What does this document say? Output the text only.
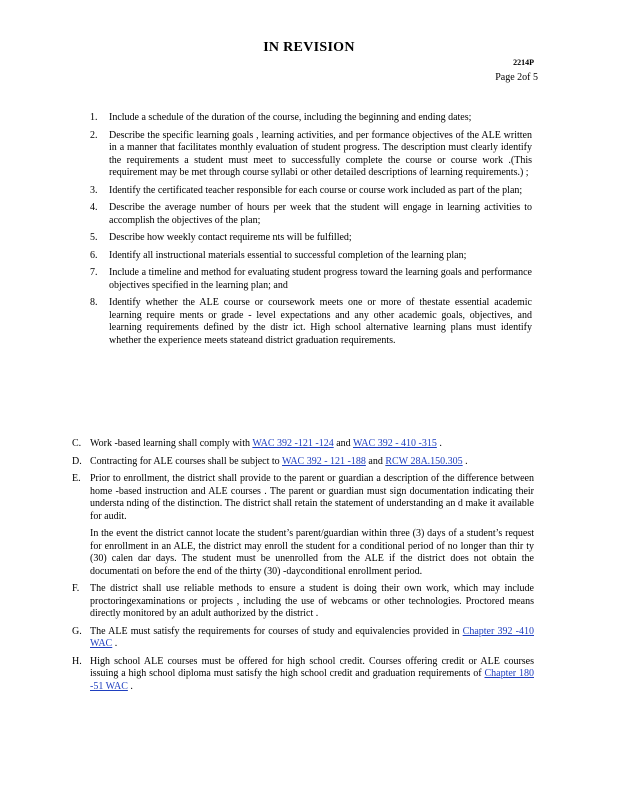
IN REVISION
2214P
Page 2of 5
1. Include a schedule of the duration of the course, including the beginning and ending dates;
2. Describe the specific learning goals , learning activities, and per formance objectives of the ALE written in a manner that facilitates monthly evaluation of student progress. The description must clearly identify the requirements a student must meet to successfully complete the course or course work .(This requirement may be met through course syllabi or other detailed descriptions of learning requirements.) ;
3. Identify the certificated teacher responsible for each course or course work included as part of the plan;
4. Describe the average number of hours per week that the student will engage in learning activities to accomplish the objectives of the plan;
5. Describe how weekly contact requireme nts will be fulfilled;
6. Identify all instructional materials essential to successful completion of the learning plan;
7. Include a timeline and method for evaluating student progress toward the learning goals and performance objectives specified in the learning plan; and
8. Identify whether the ALE course or coursework meets one or more of thestate essential academic learning require ments or grade - level expectations and any other academic goals, objectives, and learning requirements defined by the distr ict. High school alternative learning plans must identify whether the experience meets stateand district graduation requirements.
C. Work -based learning shall comply with WAC 392 -121 -124 and WAC 392 - 410 -315 .

D. Contracting for ALE courses shall be subject to WAC 392 - 121 -188 and RCW 28A.150.305 .

E. Prior to enrollment, the district shall provide to the parent or guardian a description of the difference between home -based instruction and ALE courses . The parent or guardian must sign documentation indicating their understa nding of the distinction. The district shall retain the statement of understanding an d make it available for audit.

In the event the district cannot locate the student’s parent/guardian within three (3) days of a student’s request for enrollment in an ALE, the district may enroll the student for a conditional period of no longer than thir ty (30) calen dar days. The student must be unenrolled from the ALE if the district does not obtain the documentati on before the end of the thirty (30) -dayconditional enrollment period.

F. The district shall use reliable methods to ensure a student is doing their own work, which may include proctoringexaminations or projects , including the use of webcams or other technologies. Proctored means directly monitored by an adult authorized by the district .

G. The ALE must satisfy the requirements for courses of study and equivalencies provided in Chapter 392 -410 WAC .

H. High school ALE courses must be offered for high school credit. Courses offering credit or ALE courses issuing a high school diploma must satisfy the high school credit and graduation requirements of Chapter 180 -51 WAC .
